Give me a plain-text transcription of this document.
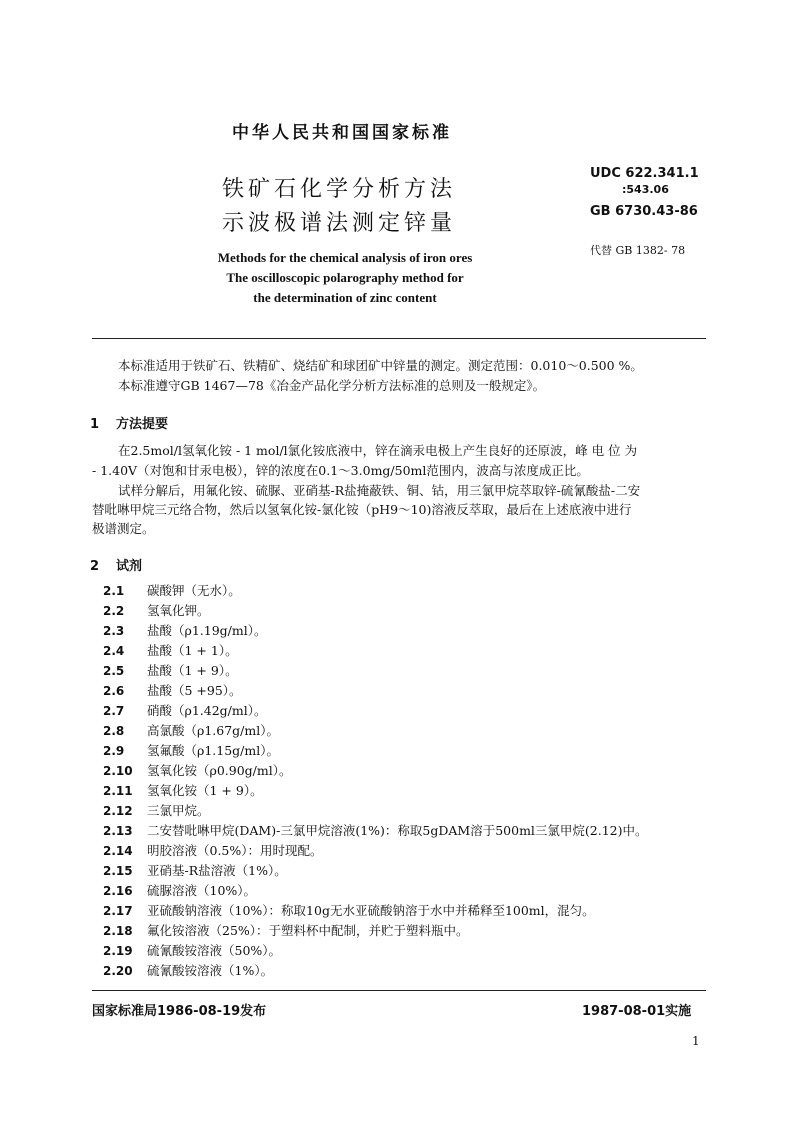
中华人民共和国国家标准
铁矿石化学分析方法
示波极谱法测定锌量
UDC 622.341.1
:543.06
GB 6730.43-86
代替 GB 1382- 78
Methods for the chemical analysis of iron ores
The oscilloscopic polarography method for
the determination of zinc content
本标准适用于铁矿石、铁精矿、烧结矿和球团矿中锌量的测定。测定范围：0.010～0.500 %。
本标准遵守GB 1467—78《冶金产品化学分析方法标准的总则及一般规定》。
1 方法提要
在2.5mol/l氢氧化铵 - 1 mol/l氯化铵底液中，锌在滴汞电极上产生良好的还原波，峰 电 位 为
- 1.40V（对饱和甘汞电极），锌的浓度在0.1～3.0mg/50ml范围内，波高与浓度成正比。
试样分解后，用氟化铵、硫脲、亚硝基-R盐掩蔽铁、铜、钴，用三氯甲烷萃取锌-硫氰酸盐-二安
替吡啉甲烷三元络合物，然后以氢氧化铵-氯化铵（pH9～10)溶液反萃取，最后在上述底液中进行
极谱测定。
2 试剂
2.1 碳酸钾（无水）。
2.2 氢氧化钾。
2.3 盐酸（ρ1.19g/ml）。
2.4 盐酸（1 + 1）。
2.5 盐酸（1 + 9）。
2.6 盐酸（5 +95）。
2.7 硝酸（ρ1.42g/ml）。
2.8 高氯酸（ρ1.67g/ml）。
2.9 氢氟酸（ρ1.15g/ml）。
2.10 氢氧化铵（ρ0.90g/ml）。
2.11 氢氧化铵（1 + 9）。
2.12 三氯甲烷。
2.13 二安替吡啉甲烷(DAM)-三氯甲烷溶液(1%)：称取5gDAM溶于500ml三氯甲烷(2.12)中。
2.14 明胶溶液（0.5%）：用时现配。
2.15 亚硝基-R盐溶液（1%）。
2.16 硫脲溶液（10%）。
2.17 亚硫酸钠溶液（10%）：称取10g无水亚硫酸钠溶于水中并稀释至100ml，混匀。
2.18 氟化铵溶液（25%）：于塑料杯中配制，并贮于塑料瓶中。
2.19 硫氰酸铵溶液（50%）。
2.20 硫氰酸铵溶液（1%）。
国家标准局1986-08-19发布	1987-08-01实施
1
